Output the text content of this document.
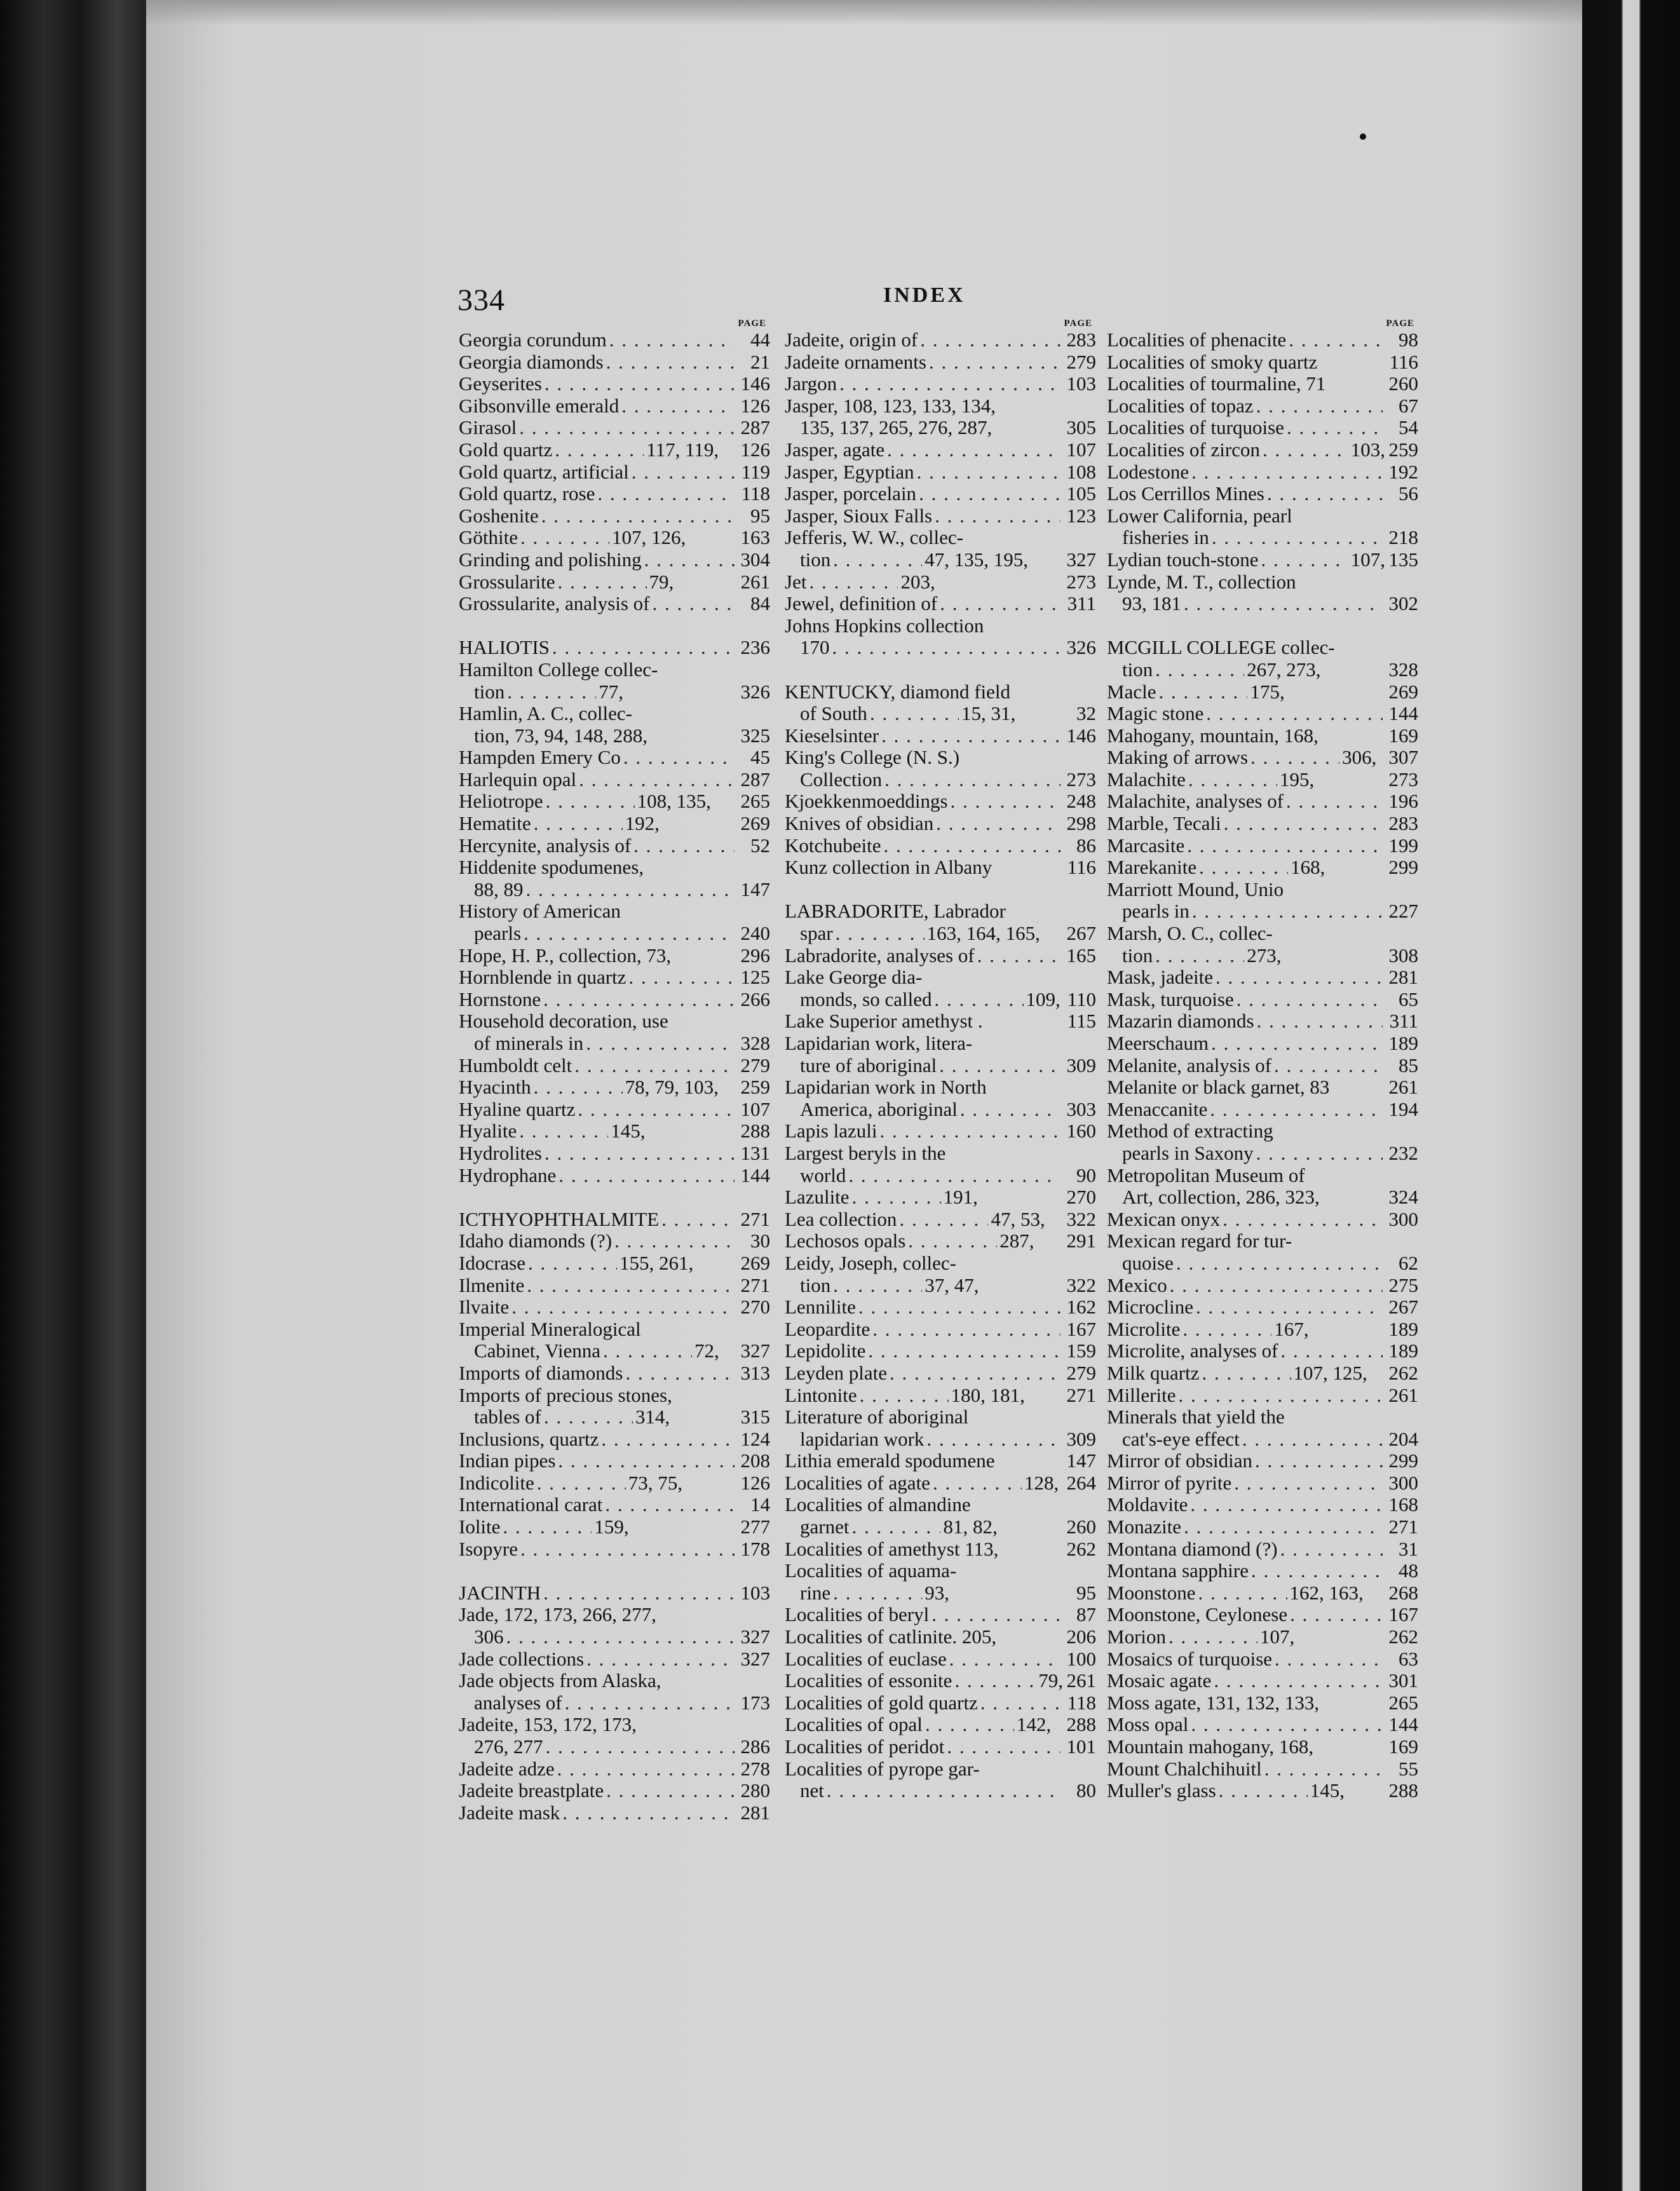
334	INDEX
PAGE
Georgia corundum . . .	44
Georgia diamonds . . .	21
Geyserites . . .	146
Gibsonville emerald . . .	126
Girasol . . .	287
Gold quartz . . .	117, 119, 126
Gold quartz, artificial . . .	119
Gold quartz, rose . . .	118
Goshenite . . .	95
Göthite . . .	107, 126,	163
Grinding and polishing . . .	304
Grossularite . . .	79,	261
Grossularite, analysis of . . .	84
HALIOTIS . . .	236
Hamilton College collec-
tion . . .	77,	326
Hamlin, A. C., collec-
tion, 73, 94, 148, 288,	325
Hampden Emery Co . . .	45
Harlequin opal . . .	287
Heliotrope . . .	108, 135, 265
Hematite . . .	192,	269
Hercynite, analysis of . . .	52
Hiddenite spodumenes,
88, 89 . . .	147
History of American
pearls . . .	240
Hope, H. P., collection, 73,	296
Hornblende in quartz . . .	125
Hornstone . . .	266
Household decoration, use
of minerals in . . .	328
Humboldt celt . . .	279
Hyacinth . . .	78, 79, 103, 259
Hyaline quartz . . .	107
Hyalite . . .	145,	288
Hydrolites . . .	131
Hydrophane . . .	144
ICTHYOPHTHALMITE . . .	271
Idaho diamonds (?) . . .	30
Idocrase . . .	155, 261, 269
Ilmenite . . .	271
Ilvaite . . .	270
Imperial Mineralogical
Cabinet, Vienna . . .	72, 327
Imports of diamonds . . .	313
Imports of precious stones,
tables of . . .	314,	315
Inclusions, quartz . . .	124
Indian pipes . . .	208
Indicolite . . .	73, 75,	126
International carat . . .	14
Iolite . . .	159,	277
Isopyre . . .	178
JACINTH . . .	103
Jade, 172, 173, 266, 277,
306 . . .	327
Jade collections . . .	327
Jade objects from Alaska,
analyses of . . .	173
Jadeite, 153, 172, 173,
276, 277 . . .	286
Jadeite adze . . .	278
Jadeite breastplate . . .	280
Jadeite mask . . .	281
PAGE
Jadeite, origin of . . .	283
Jadeite ornaments . . .	279
Jargon . . .	103
Jasper, 108, 123, 133, 134,
135, 137, 265, 276, 287,	305
Jasper, agate . . .	107
Jasper, Egyptian . . .	108
Jasper, porcelain . . .	105
Jasper, Sioux Falls . . .	123
Jefferis, W. W., collec-
tion . . .	47, 135, 195, 327
Jet . . .	203,	273
Jewel, definition of . . .	311
Johns Hopkins collection
170 . . .	326
KENTUCKY, diamond field
of South . . .	15, 31,	32
Kieselsinter . . .	146
King's College (N. S.)
Collection . . .	273
Kjoekkenmoeddings . . .	248
Knives of obsidian . . .	298
Kotchubeite . . .	86
Kunz collection in Albany	116
LABRADORITE, Labrador
spar . . .	163, 164, 165, 267
Labradorite, analyses of . . .	165
Lake George dia-
monds, so called . . .	109, 110
Lake Superior amethyst .	115
Lapidarian work, litera-
ture of aboriginal . . .	309
Lapidarian work in North
America, aboriginal . . .	303
Lapis lazuli . . .	160
Largest beryls in the
world . . .	90
Lazulite . . .	191,	270
Lea collection . . .	47, 53, 322
Lechosos opals . . .	287, 291
Leidy, Joseph, collec-
tion . . .	37, 47,	322
Lennilite . . .	162
Leopardite . . .	167
Lepidolite . . .	159
Leyden plate . . .	279
Lintonite . . .	180, 181, 271
Literature of aboriginal
lapidarian work . . .	309
Lithia emerald spodumene	147
Localities of agate . . .	128, 264
Localities of almandine
garnet . . .	81, 82,	260
Localities of amethyst 113,	262
Localities of aquama-
rine . . .	93,	95
Localities of beryl . . .	87
Localities of catlinite. 205,	206
Localities of euclase . . .	100
Localities of essonite . . .	79, 261
Localities of gold quartz . . .	118
Localities of opal . . .	142, 288
Localities of peridot . . .	101
Localities of pyrope gar-
net . . .	80
PAGE
Localities of phenacite . . .	98
Localities of smoky quartz	116
Localities of tourmaline, 71	260
Localities of topaz . . .	67
Localities of turquoise . . .	54
Localities of zircon . . .	103, 259
Lodestone . . .	192
Los Cerrillos Mines . . .	56
Lower California, pearl
fisheries in . . .	218
Lydian touch-stone . . .	107, 135
Lynde, M. T., collection
93, 181 . . .	302
MCGILL COLLEGE collec-
tion . . .	267, 273,	328
Macle . . .	175,	269
Magic stone . . .	144
Mahogany, mountain, 168,	169
Making of arrows . . .	306, 307
Malachite . . .	195,	273
Malachite, analyses of . . .	196
Marble, Tecali . . .	283
Marcasite . . .	199
Marekanite . . .	168,	299
Marriott Mound, Unio
pearls in . . .	227
Marsh, O. C., collec-
tion . . .	273,	308
Mask, jadeite . . .	281
Mask, turquoise . . .	65
Mazarin diamonds . . .	311
Meerschaum . . .	189
Melanite, analysis of . . .	85
Melanite or black garnet, 83	261
Menaccanite . . .	194
Method of extracting
pearls in Saxony . . .	232
Metropolitan Museum of
Art, collection, 286, 323,	324
Mexican onyx . . .	300
Mexican regard for tur-
quoise . . .	62
Mexico . . .	275
Microcline . . .	267
Microlite . . .	167,	189
Microlite, analyses of . . .	189
Milk quartz . . .	107, 125, 262
Millerite . . .	261
Minerals that yield the
cat's-eye effect . . .	204
Mirror of obsidian . . .	299
Mirror of pyrite . . .	300
Moldavite . . .	168
Monazite . . .	271
Montana diamond (?) . . .	31
Montana sapphire . . .	48
Moonstone . . .	162, 163, 268
Moonstone, Ceylonese . . .	167
Morion . . .	107,	262
Mosaics of turquoise . . .	63
Mosaic agate . . .	301
Moss agate, 131, 132, 133,	265
Moss opal . . .	144
Mountain mahogany, 168,	169
Mount Chalchihuitl . . .	55
Muller's glass . . .	145, 288
